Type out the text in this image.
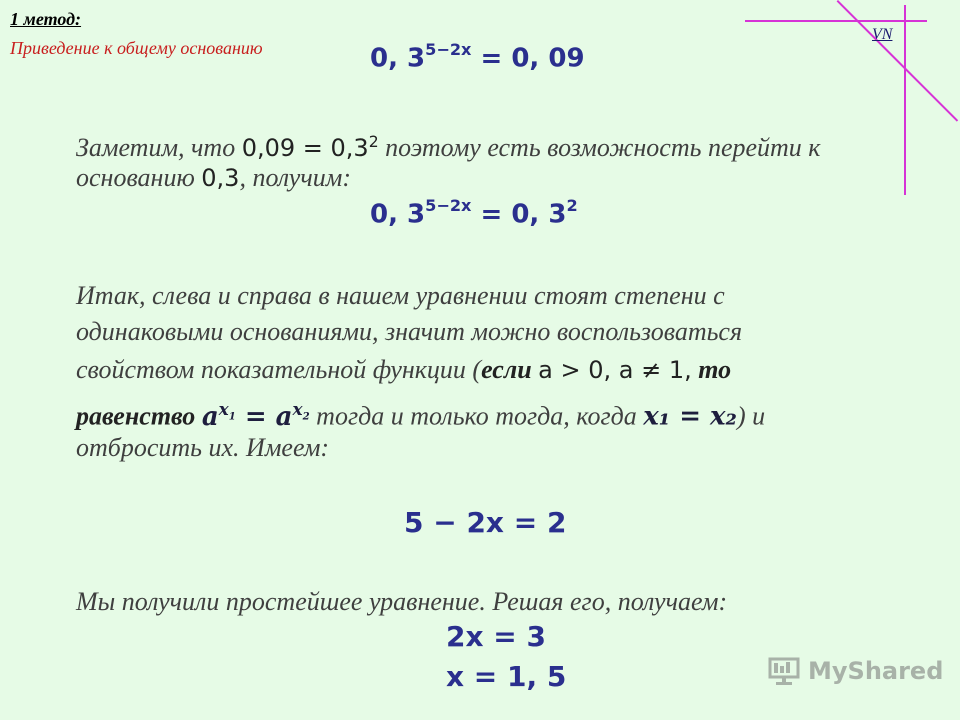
1 метод:
Приведение к общему основанию
VN
0, $3^{5-2x} = 0$, 09
Заметим, что $0,09 = 0,3^2$ поэтому есть возможность перейти к
основанию 0,3, получим:
0, $3^{5-2x} = 0$, $3^2$
Итак, слева и справа в нашем уравнении стоят степени с
одинаковыми основаниями, значит можно воспользоваться
свойством показательной функции (если a > 0, a ≠ 1, то
равенство $a^{x_1} = a^{x_2}$ тогда и только тогда, когда x₁ = x₂) и
отбросить их. Имеем:
5 − 2x = 2
Мы получили простейшее уравнение. Решая его, получаем:
2x = 3
x = 1, 5	MyShared
